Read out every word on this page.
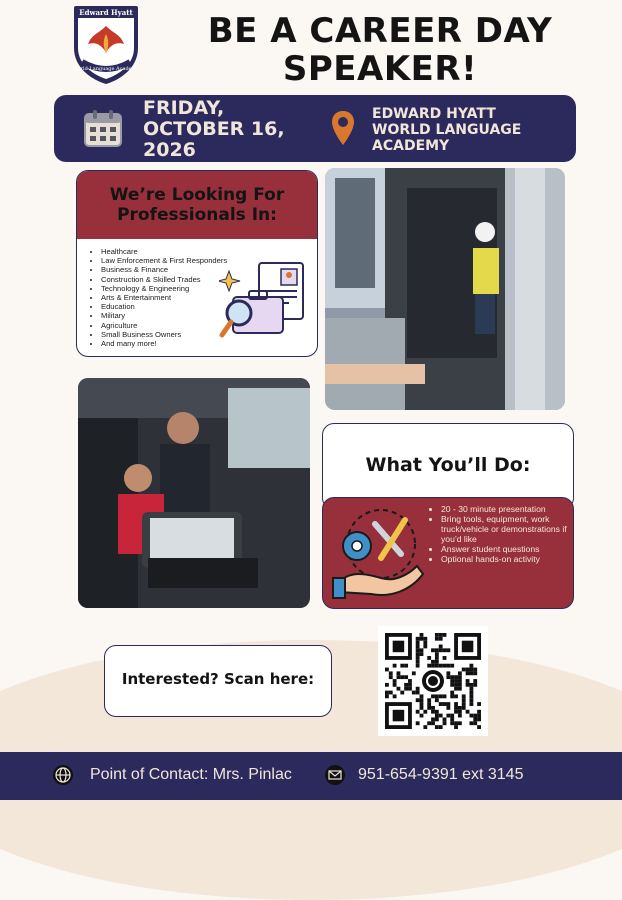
Edward Hyatt
World Language Academy
BE A CAREER DAY
SPEAKER!
FRIDAY,
OCTOBER 16,
2026
EDWARD HYATT
WORLD LANGUAGE
ACADEMY
We’re Looking For
Professionals In:
• Healthcare
• Law Enforcement & First Responders
• Business & Finance
• Construction & Skilled Trades
• Technology & Engineering
• Arts & Entertainment
• Education
• Military
• Agriculture
• Small Business Owners
• And many more!
What You’ll Do:
• 20 - 30 minute presentation
• Bring tools, equipment, work truck/vehicle or demonstrations if you’d like
• Answer student questions
• Optional hands-on activity
Interested? Scan here:
Point of Contact: Mrs. Pinlac	951-654-9391 ext 3145
